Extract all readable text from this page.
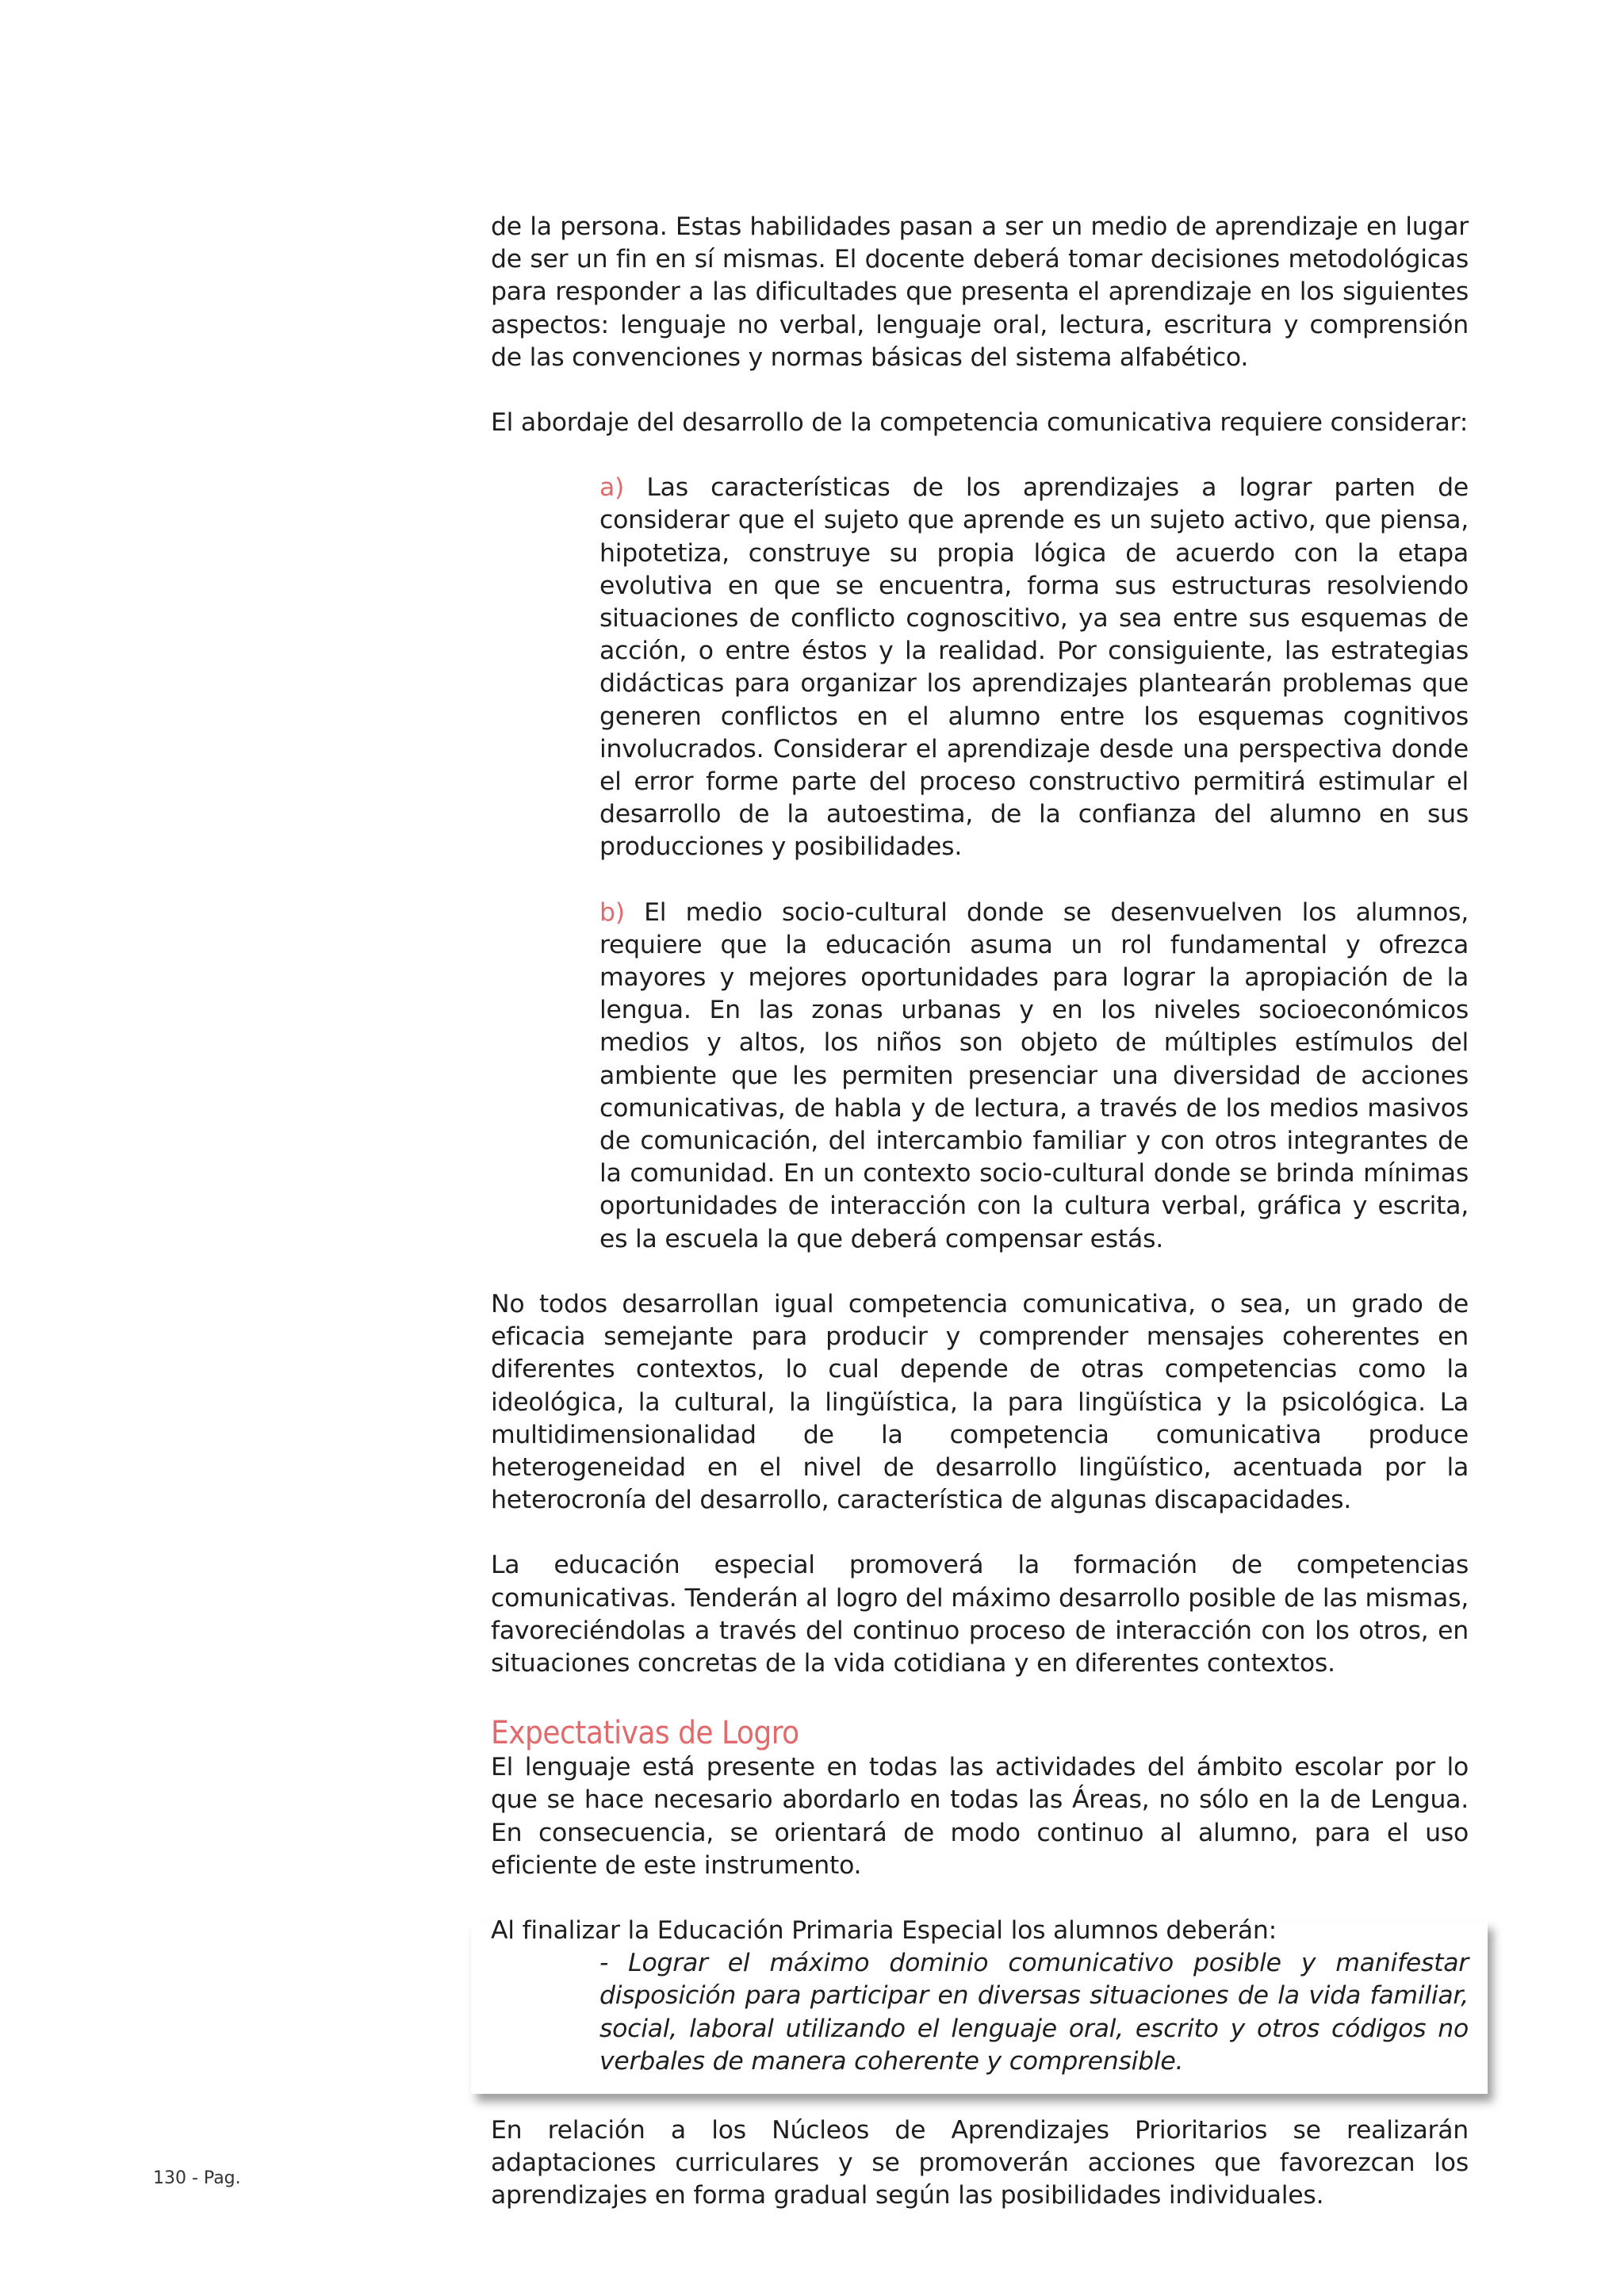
de la persona. Estas habilidades pasan a ser un medio de aprendizaje en lugar de ser un fin en sí mismas. El docente deberá tomar decisiones metodológicas para responder a las dificultades que presenta el aprendizaje en los siguientes aspectos: lenguaje no verbal, lenguaje oral, lectura, escritura y comprensión de las convenciones y normas básicas del sistema alfabético.

El abordaje del desarrollo de la competencia comunicativa requiere considerar:

a) Las características de los aprendizajes a lograr parten de considerar que el sujeto que aprende es un sujeto activo, que piensa, hipotetiza, construye su propia lógica de acuerdo con la etapa evolutiva en que se encuentra, forma sus estructuras resolviendo situaciones de conflicto cognoscitivo, ya sea entre sus esquemas de acción, o entre éstos y la realidad. Por consiguiente, las estrategias didácticas para organizar los aprendizajes plantearán problemas que generen conflictos en el alumno entre los esquemas cognitivos involucrados. Considerar el aprendizaje desde una perspectiva donde el error forme parte del proceso constructivo permitirá estimular el desarrollo de la autoestima, de la confianza del alumno en sus producciones y posibilidades.

b) El medio socio-cultural donde se desenvuelven los alumnos, requiere que la educación asuma un rol fundamental y ofrezca mayores y mejores oportunidades para lograr la apropiación de la lengua. En las zonas urbanas y en los niveles socioeconómicos medios y altos, los niños son objeto de múltiples estímulos del ambiente que les permiten presenciar una diversidad de acciones comunicativas, de habla y de lectura, a través de los medios masivos de comunicación, del intercambio familiar y con otros integrantes de la comunidad. En un contexto socio-cultural donde se brinda mínimas oportunidades de interacción con la cultura verbal, gráfica y escrita, es la escuela la que deberá compensar estás.

No todos desarrollan igual competencia comunicativa, o sea, un grado de eficacia semejante para producir y comprender mensajes coherentes en diferentes contextos, lo cual depende de otras competencias como la ideológica, la cultural, la lingüística, la para lingüística y la psicológica. La multidimensionalidad de la competencia comunicativa produce heterogeneidad en el nivel de desarrollo lingüístico, acentuada por la heterocronía del desarrollo, característica de algunas discapacidades.

La educación especial promoverá la formación de competencias comunicativas. Tenderán al logro del máximo desarrollo posible de las mismas, favoreciéndolas a través del continuo proceso de interacción con los otros, en situaciones concretas de la vida cotidiana y en diferentes contextos.

Expectativas de Logro

El lenguaje está presente en todas las actividades del ámbito escolar por lo que se hace necesario abordarlo en todas las Áreas, no sólo en la de Lengua. En consecuencia, se orientará de modo continuo al alumno, para el uso eficiente de este instrumento.

Al finalizar la Educación Primaria Especial los alumnos deberán:

- Lograr el máximo dominio comunicativo posible y manifestar disposición para participar en diversas situaciones de la vida familiar, social, laboral utilizando el lenguaje oral, escrito y otros códigos no verbales de manera coherente y comprensible.

En relación a los Núcleos de Aprendizajes Prioritarios se realizarán adaptaciones curriculares y se promoverán acciones que favorezcan los aprendizajes en forma gradual según las posibilidades individuales.

130 - Pag.
